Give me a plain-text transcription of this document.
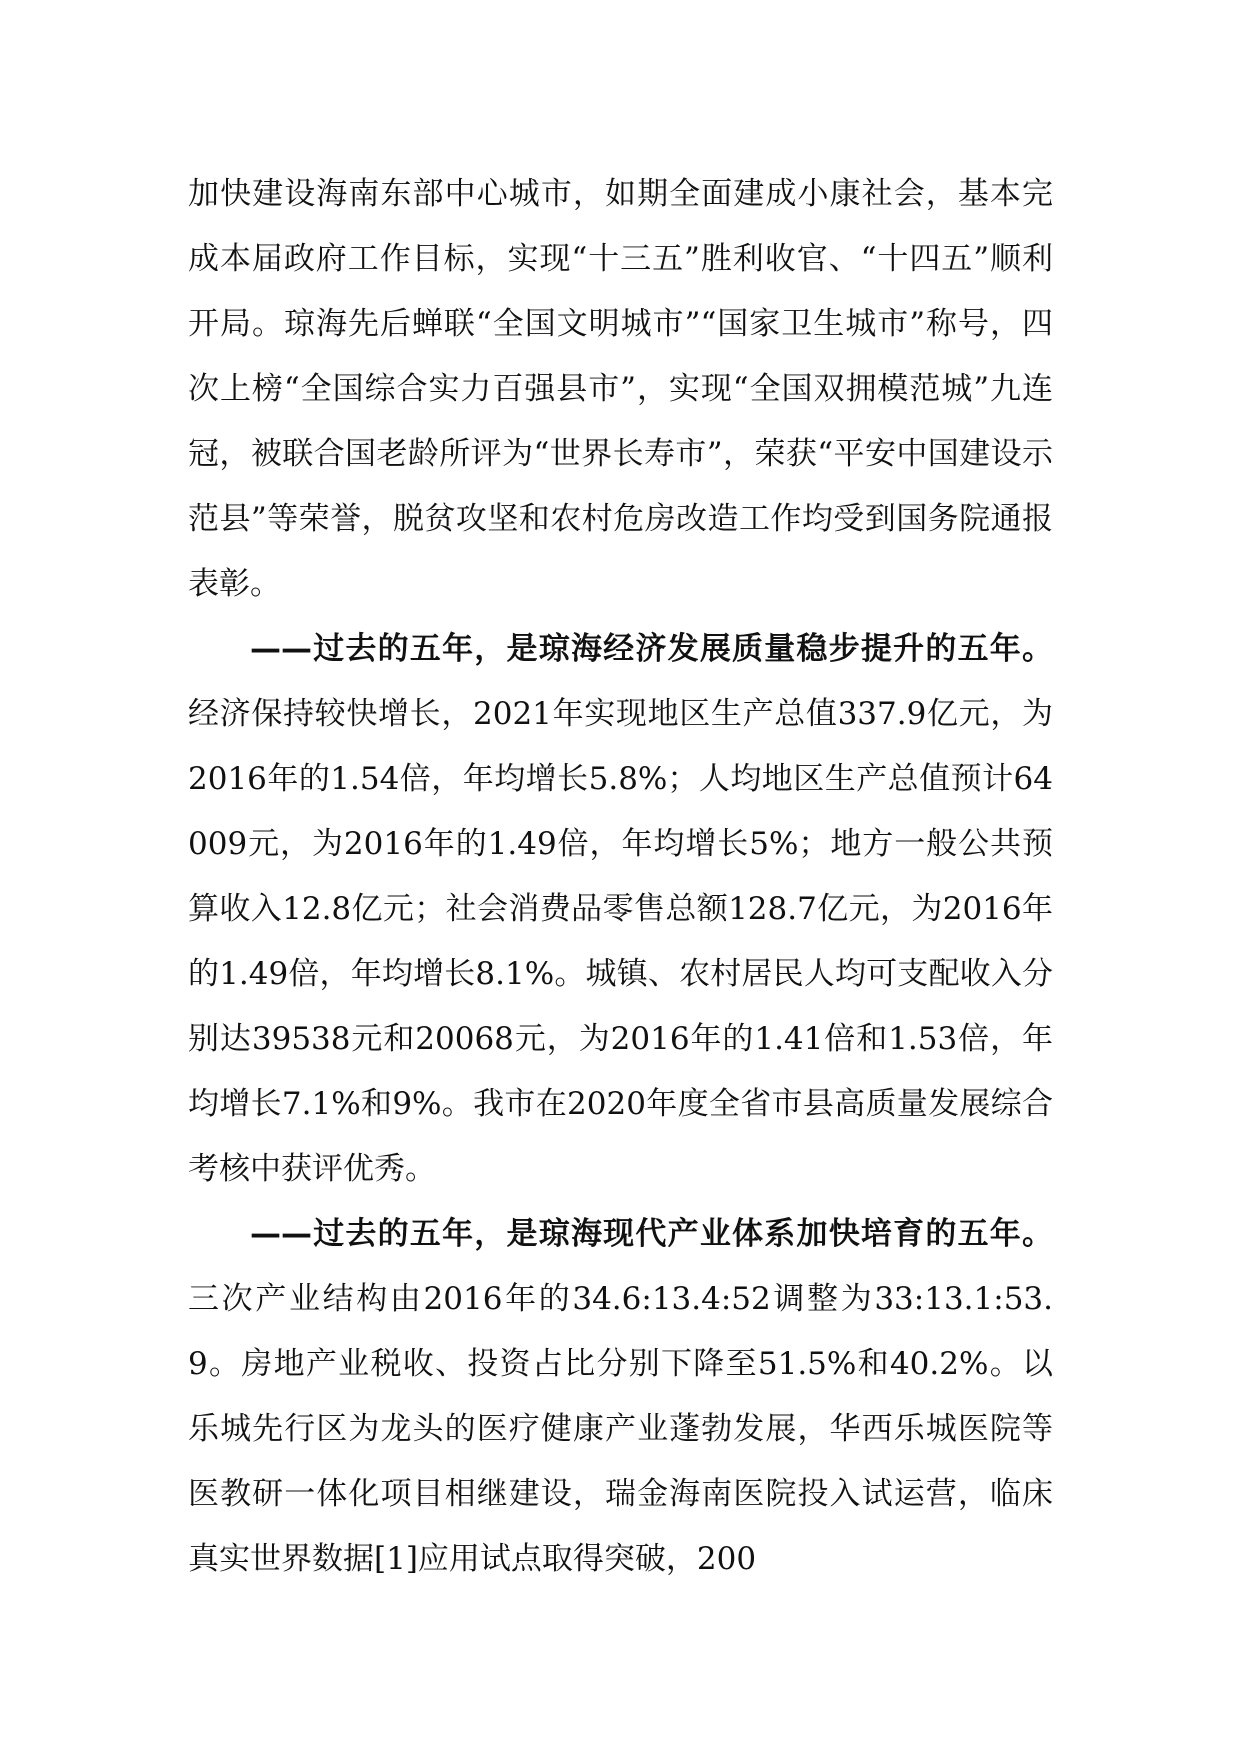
加快建设海南东部中心城市，如期全面建成小康社会，基本完成本届政府工作目标，实现“十三五”胜利收官、“十四五”顺利开局。琼海先后蝉联“全国文明城市”“国家卫生城市”称号，四次上榜“全国综合实力百强县市”，实现“全国双拥模范城”九连冠，被联合国老龄所评为“世界长寿市”，荣获“平安中国建设示范县”等荣誉，脱贫攻坚和农村危房改造工作均受到国务院通报表彰。

——过去的五年，是琼海经济发展质量稳步提升的五年。经济保持较快增长，2021年实现地区生产总值337.9亿元，为2016年的1.54倍，年均增长5.8%；人均地区生产总值预计64009元，为2016年的1.49倍，年均增长5%；地方一般公共预算收入12.8亿元；社会消费品零售总额128.7亿元，为2016年的1.49倍，年均增长8.1%。城镇、农村居民人均可支配收入分别达39538元和20068元，为2016年的1.41倍和1.53倍，年均增长7.1%和9%。我市在2020年度全省市县高质量发展综合考核中获评优秀。

——过去的五年，是琼海现代产业体系加快培育的五年。三次产业结构由2016年的34.6:13.4:52调整为33:13.1:53.9。房地产业税收、投资占比分别下降至51.5%和40.2%。以乐城先行区为龙头的医疗健康产业蓬勃发展，华西乐城医院等医教研一体化项目相继建设，瑞金海南医院投入试运营，临床真实世界数据[1]应用试点取得突破，200
